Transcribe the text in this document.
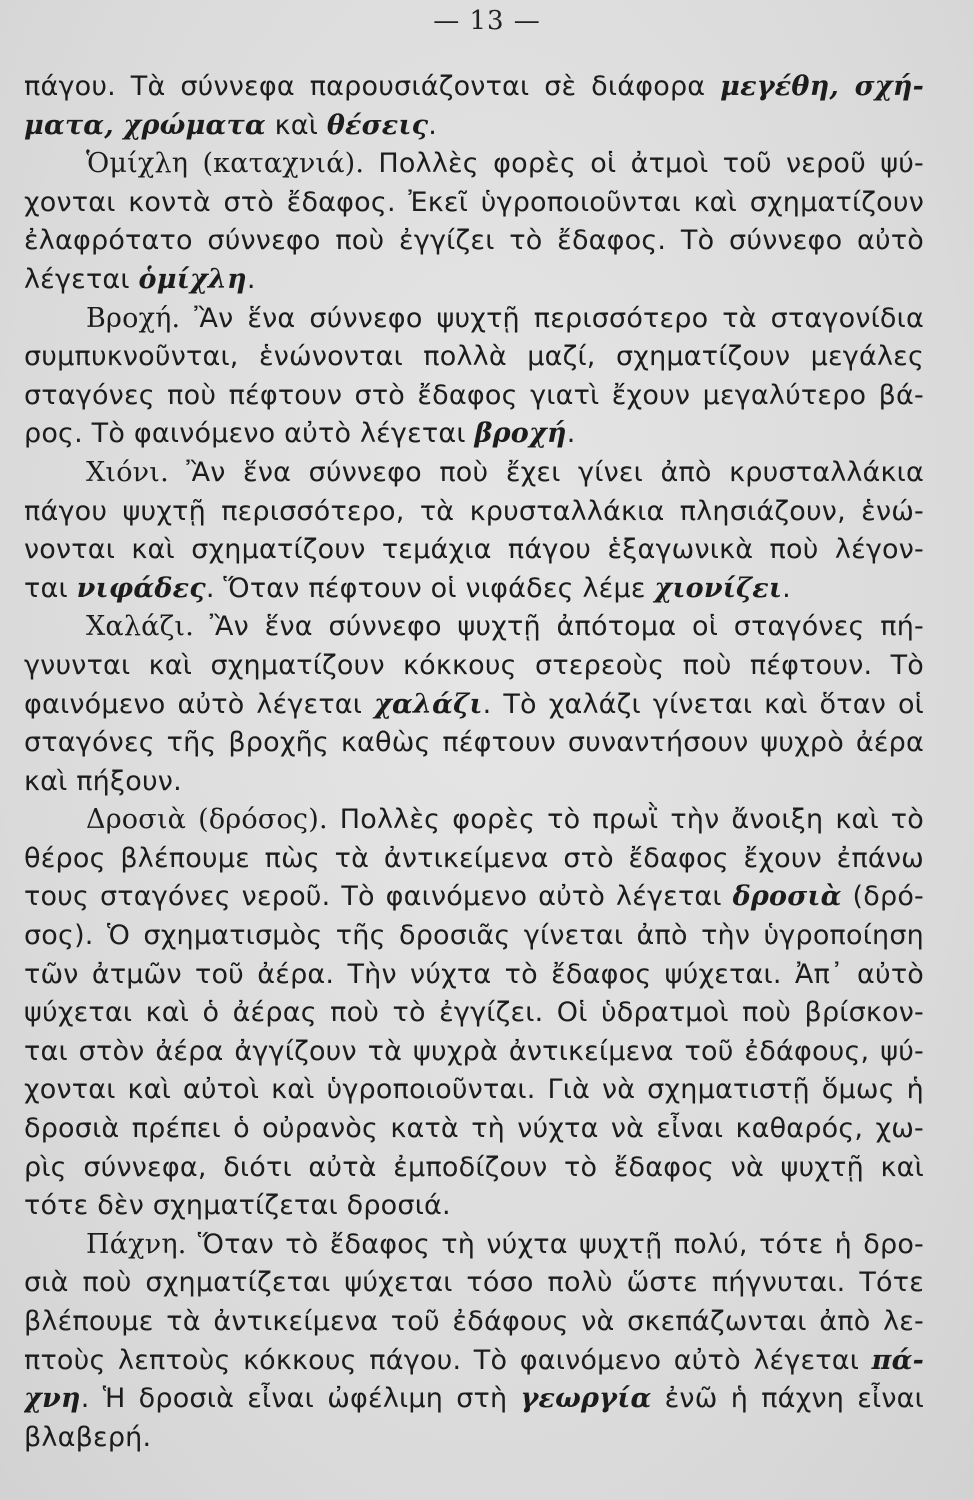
— 13 —
πάγου. Τὰ σύννεφα παρουσιάζονται σὲ διάφορα μεγέθη, σχή-
ματα, χρώματα καὶ θέσεις.
Ὁμίχλη (καταχνιά). Πολλὲς φορὲς οἱ ἀτμοὶ τοῦ νεροῦ ψύ-
χονται κοντὰ στὸ ἔδαφος. Ἐκεῖ ὑγροποιοῦνται καὶ σχηματίζουν
ἐλαφρότατο σύννεφο ποὺ ἐγγίζει τὸ ἔδαφος. Τὸ σύννεφο αὐτὸ
λέγεται ὁμίχλη.
Βροχή. Ἂν ἕνα σύννεφο ψυχτῇ περισσότερο τὰ σταγονίδια
συμπυκνοῦνται, ἑνώνονται πολλὰ μαζί, σχηματίζουν μεγάλες
σταγόνες ποὺ πέφτουν στὸ ἔδαφος γιατὶ ἔχουν μεγαλύτερο βά-
ρος. Τὸ φαινόμενο αὐτὸ λέγεται βροχή.
Χιόνι. Ἂν ἕνα σύννεφο ποὺ ἔχει γίνει ἀπὸ κρυσταλλάκια
πάγου ψυχτῇ περισσότερο, τὰ κρυσταλλάκια πλησιάζουν, ἑνώ-
νονται καὶ σχηματίζουν τεμάχια πάγου ἑξαγωνικὰ ποὺ λέγον-
ται νιφάδες. Ὅταν πέφτουν οἱ νιφάδες λέμε χιονίζει.
Χαλάζι. Ἂν ἕνα σύννεφο ψυχτῇ ἀπότομα οἱ σταγόνες πή-
γνυνται καὶ σχηματίζουν κόκκους στερεοὺς ποὺ πέφτουν. Τὸ
φαινόμενο αὐτὸ λέγεται χαλάζι. Τὸ χαλάζι γίνεται καὶ ὅταν οἱ
σταγόνες τῆς βροχῆς καθὼς πέφτουν συναντήσουν ψυχρὸ ἀέρα
καὶ πήξουν.
Δροσιὰ (δρόσος). Πολλὲς φορὲς τὸ πρωῒ τὴν ἄνοιξη καὶ τὸ
θέρος βλέπουμε πὼς τὰ ἀντικείμενα στὸ ἔδαφος ἔχουν ἐπάνω
τους σταγόνες νεροῦ. Τὸ φαινόμενο αὐτὸ λέγεται δροσιὰ (δρό-
σος). Ὁ σχηματισμὸς τῆς δροσιᾶς γίνεται ἀπὸ τὴν ὑγροποίηση
τῶν ἀτμῶν τοῦ ἀέρα. Τὴν νύχτα τὸ ἔδαφος ψύχεται. Ἀπ᾽ αὐτὸ
ψύχεται καὶ ὁ ἀέρας ποὺ τὸ ἐγγίζει. Οἱ ὑδρατμοὶ ποὺ βρίσκον-
ται στὸν ἀέρα ἀγγίζουν τὰ ψυχρὰ ἀντικείμενα τοῦ ἐδάφους, ψύ-
χονται καὶ αὐτοὶ καὶ ὑγροποιοῦνται. Γιὰ νὰ σχηματιστῇ ὅμως ἡ
δροσιὰ πρέπει ὁ οὐρανὸς κατὰ τὴ νύχτα νὰ εἶναι καθαρός, χω-
ρὶς σύννεφα, διότι αὐτὰ ἐμποδίζουν τὸ ἔδαφος νὰ ψυχτῇ καὶ
τότε δὲν σχηματίζεται δροσιά.
Πάχνη. Ὅταν τὸ ἔδαφος τὴ νύχτα ψυχτῇ πολύ, τότε ἡ δρο-
σιὰ ποὺ σχηματίζεται ψύχεται τόσο πολὺ ὥστε πήγνυται. Τότε
βλέπουμε τὰ ἀντικείμενα τοῦ ἐδάφους νὰ σκεπάζωνται ἀπὸ λε-
πτοὺς λεπτοὺς κόκκους πάγου. Τὸ φαινόμενο αὐτὸ λέγεται πά-
χνη. Ἡ δροσιὰ εἶναι ὠφέλιμη στὴ γεωργία ἐνῶ ἡ πάχνη εἶναι
βλαβερή.
